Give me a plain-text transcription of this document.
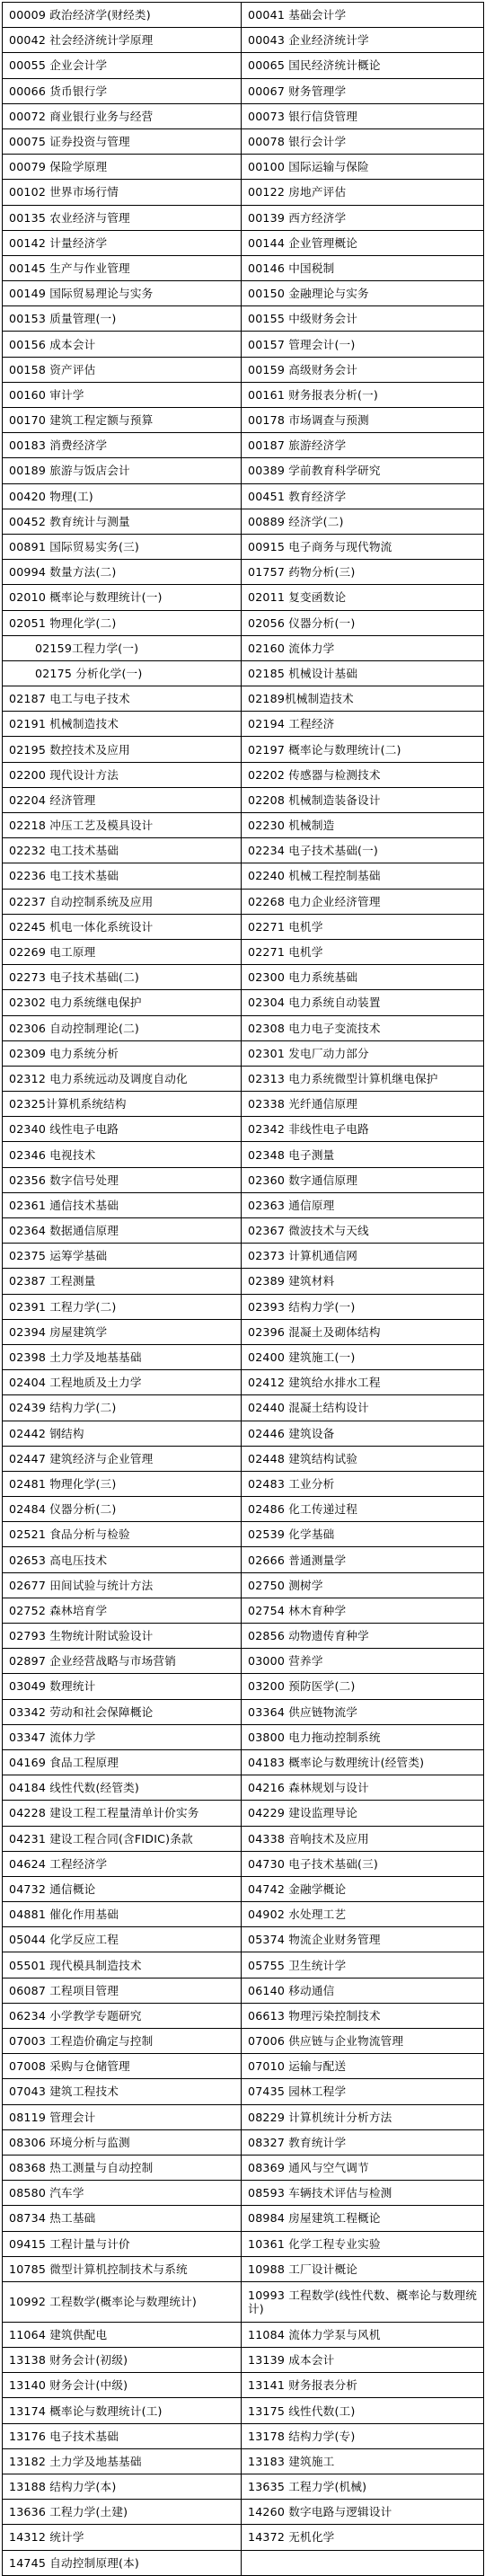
00009 政治经济学(财经类)	00041 基础会计学
00042 社会经济统计学原理	00043 企业经济统计学
00055 企业会计学	00065 国民经济统计概论
00066 货币银行学	00067 财务管理学
00072 商业银行业务与经营	00073 银行信贷管理
00075 证券投资与管理	00078 银行会计学
00079 保险学原理	00100 国际运输与保险
00102 世界市场行情	00122 房地产评估
00135 农业经济与管理	00139 西方经济学
00142 计量经济学	00144 企业管理概论
00145 生产与作业管理	00146 中国税制
00149 国际贸易理论与实务	00150 金融理论与实务
00153 质量管理(一)	00155 中级财务会计
00156 成本会计	00157 管理会计(一)
00158 资产评估	00159 高级财务会计
00160 审计学	00161 财务报表分析(一)
00170 建筑工程定额与预算	00178 市场调查与预测
00183 消费经济学	00187 旅游经济学
00189 旅游与饭店会计	00389 学前教育科学研究
00420 物理(工)	00451 教育经济学
00452 教育统计与测量	00889 经济学(二)
00891 国际贸易实务(三)	00915 电子商务与现代物流
00994 数量方法(二)	01757 药物分析(三)
02010 概率论与数理统计(一)	02011 复变函数论
02051 物理化学(二)	02056 仪器分析(一)
02159工程力学(一)	02160 流体力学
02175 分析化学(一)	02185 机械设计基础
02187 电工与电子技术	02189机械制造技术
02191 机械制造技术	02194 工程经济
02195 数控技术及应用	02197 概率论与数理统计(二)
02200 现代设计方法	02202 传感器与检测技术
02204 经济管理	02208 机械制造装备设计
02218 冲压工艺及模具设计	02230 机械制造
02232 电工技术基础	02234 电子技术基础(一)
02236 电工技术基础	02240 机械工程控制基础
02237 自动控制系统及应用	02268 电力企业经济管理
02245 机电一体化系统设计	02271 电机学
02269 电工原理	02271 电机学
02273 电子技术基础(二)	02300 电力系统基础
02302 电力系统继电保护	02304 电力系统自动装置
02306 自动控制理论(二)	02308 电力电子变流技术
02309 电力系统分析	02301 发电厂动力部分
02312 电力系统远动及调度自动化	02313 电力系统微型计算机继电保护
02325计算机系统结构	02338 光纤通信原理
02340 线性电子电路	02342 非线性电子电路
02346 电视技术	02348 电子测量
02356 数字信号处理	02360 数字通信原理
02361 通信技术基础	02363 通信原理
02364 数据通信原理	02367 微波技术与天线
02375 运筹学基础	02373 计算机通信网
02387 工程测量	02389 建筑材料
02391 工程力学(二)	02393 结构力学(一)
02394 房屋建筑学	02396 混凝土及砌体结构
02398 土力学及地基基础	02400 建筑施工(一)
02404 工程地质及土力学	02412 建筑给水排水工程
02439 结构力学(二)	02440 混凝土结构设计
02442 钢结构	02446 建筑设备
02447 建筑经济与企业管理	02448 建筑结构试验
02481 物理化学(三)	02483 工业分析
02484 仪器分析(二)	02486 化工传递过程
02521 食品分析与检验	02539 化学基础
02653 高电压技术	02666 普通测量学
02677 田间试验与统计方法	02750 测树学
02752 森林培育学	02754 林木育种学
02793 生物统计附试验设计	02856 动物遗传育种学
02897 企业经营战略与市场营销	03000 营养学
03049 数理统计	03200 预防医学(二)
03342 劳动和社会保障概论	03364 供应链物流学
03347 流体力学	03800 电力拖动控制系统
04169 食品工程原理	04183 概率论与数理统计(经管类)
04184 线性代数(经管类)	04216 森林规划与设计
04228 建设工程工程量清单计价实务	04229 建设监理导论
04231 建设工程合同(含FIDIC)条款	04338 音响技术及应用
04624 工程经济学	04730 电子技术基础(三)
04732 通信概论	04742 金融学概论
04881 催化作用基础	04902 水处理工艺
05044 化学反应工程	05374 物流企业财务管理
05501 现代模具制造技术	05755 卫生统计学
06087 工程项目管理	06140 移动通信
06234 小学教学专题研究	06613 物理污染控制技术
07003 工程造价确定与控制	07006 供应链与企业物流管理
07008 采购与仓储管理	07010 运输与配送
07043 建筑工程技术	07435 园林工程学
08119 管理会计	08229 计算机统计分析方法
08306 环境分析与监测	08327 教育统计学
08368 热工测量与自动控制	08369 通风与空气调节
08580 汽车学	08593 车辆技术评估与检测
08734 热工基础	08984 房屋建筑工程概论
09415 工程计量与计价	10361 化学工程专业实验
10785 微型计算机控制技术与系统	10988 工厂设计概论
10992 工程数学(概率论与数理统计)	10993 工程数学(线性代数、概率论与数理统计)
11064 建筑供配电	11084 流体力学泵与风机
13138 财务会计(初级)	13139 成本会计
13140 财务会计(中级)	13141 财务报表分析
13174 概率论与数理统计(工)	13175 线性代数(工)
13176 电子技术基础	13178 结构力学(专)
13182 土力学及地基基础	13183 建筑施工
13188 结构力学(本)	13635 工程力学(机械)
13636 工程力学(土建)	14260 数字电路与逻辑设计
14312 统计学	14372 无机化学
14745 自动控制原理(本)	
